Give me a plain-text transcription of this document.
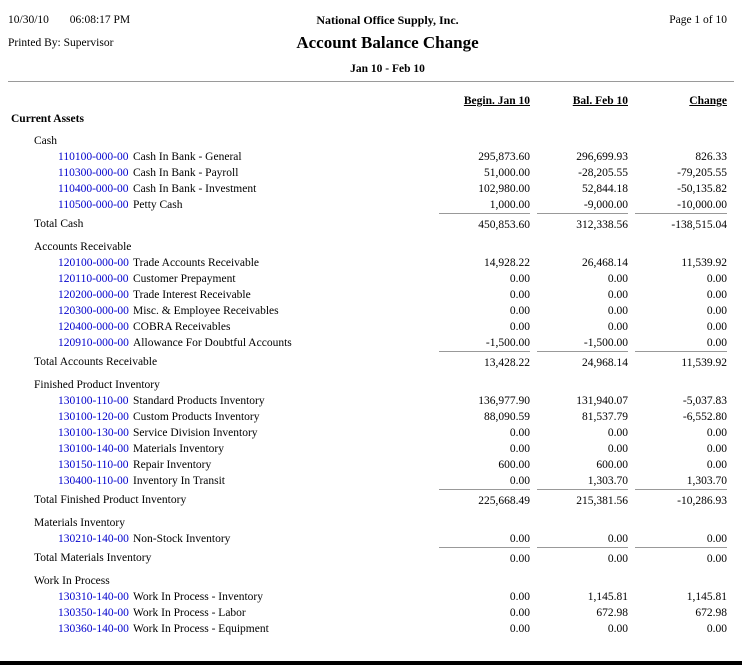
10/30/10 06:08:17 PM
Printed By: Supervisor
National Office Supply, Inc.
Account Balance Change
Jan 10 - Feb 10
Page 1 of 10
Begin. Jan 10	Bal. Feb 10	Change
Current Assets
Cash
110100-000-00 Cash In Bank - General	295,873.60	296,699.93	826.33
110300-000-00 Cash In Bank - Payroll	51,000.00	-28,205.55	-79,205.55
110400-000-00 Cash In Bank - Investment	102,980.00	52,844.18	-50,135.82
110500-000-00 Petty Cash	1,000.00	-9,000.00	-10,000.00
Total Cash	450,853.60	312,338.56	-138,515.04
Accounts Receivable
120100-000-00 Trade Accounts Receivable	14,928.22	26,468.14	11,539.92
120110-000-00 Customer Prepayment	0.00	0.00	0.00
120200-000-00 Trade Interest Receivable	0.00	0.00	0.00
120300-000-00 Misc. & Employee Receivables	0.00	0.00	0.00
120400-000-00 COBRA Receivables	0.00	0.00	0.00
120910-000-00 Allowance For Doubtful Accounts	-1,500.00	-1,500.00	0.00
Total Accounts Receivable	13,428.22	24,968.14	11,539.92
Finished Product Inventory
130100-110-00 Standard Products Inventory	136,977.90	131,940.07	-5,037.83
130100-120-00 Custom Products Inventory	88,090.59	81,537.79	-6,552.80
130100-130-00 Service Division Inventory	0.00	0.00	0.00
130100-140-00 Materials Inventory	0.00	0.00	0.00
130150-110-00 Repair Inventory	600.00	600.00	0.00
130400-110-00 Inventory In Transit	0.00	1,303.70	1,303.70
Total Finished Product Inventory	225,668.49	215,381.56	-10,286.93
Materials Inventory
130210-140-00 Non-Stock Inventory	0.00	0.00	0.00
Total Materials Inventory	0.00	0.00	0.00
Work In Process
130310-140-00 Work In Process - Inventory	0.00	1,145.81	1,145.81
130350-140-00 Work In Process - Labor	0.00	672.98	672.98
130360-140-00 Work In Process - Equipment	0.00	0.00	0.00
